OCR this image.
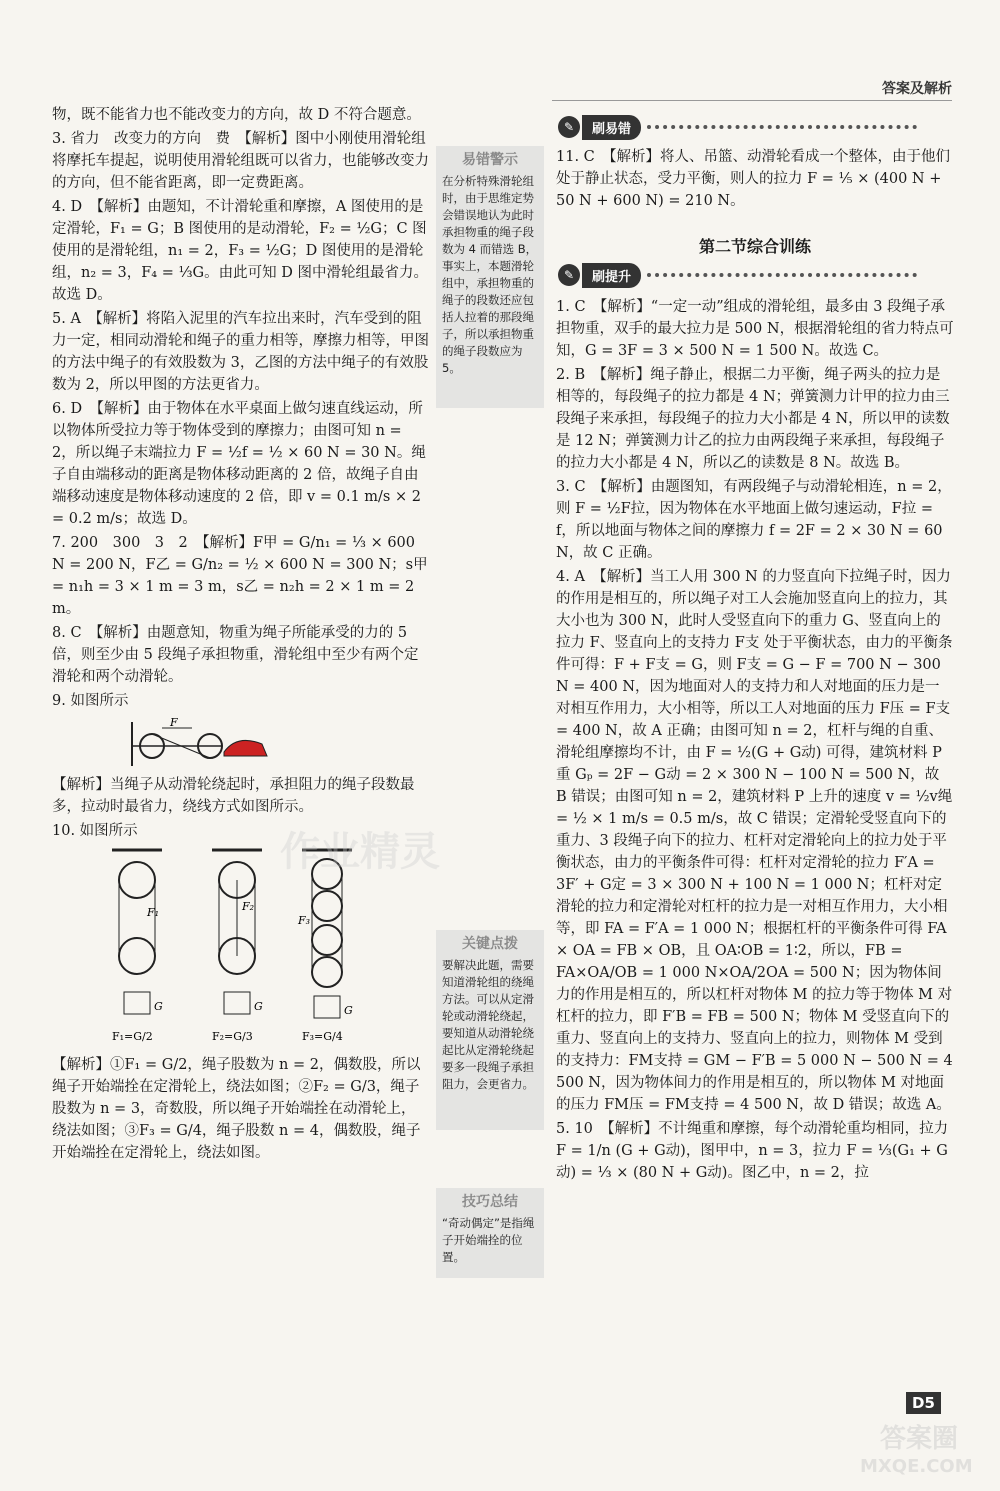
答案及解析

物，既不能省力也不能改变力的方向，故 D 不符合题意。

3. 省力　改变力的方向　费　【解析】图中小刚使用滑轮组将摩托车提起，说明使用滑轮组既可以省力，也能够改变力的方向，但不能省距离，即一定费距离。

4. D　【解析】由题知，不计滑轮重和摩擦，A 图使用的是定滑轮，F₁ = G；B 图使用的是动滑轮，F₂ = ½G；C 图使用的是滑轮组，n₁ = 2，F₃ = ½G；D 图使用的是滑轮组，n₂ = 3，F₄ = ⅓G。由此可知 D 图中滑轮组最省力。故选 D。

5. A　【解析】将陷入泥里的汽车拉出来时，汽车受到的阻力一定，相同动滑轮和绳子的重力相等，摩擦力相等，甲图的方法中绳子的有效股数为 3，乙图的方法中绳子的有效股数为 2，所以甲图的方法更省力。

6. D　【解析】由于物体在水平桌面上做匀速直线运动，所以物体所受拉力等于物体受到的摩擦力；由图可知 n = 2，所以绳子末端拉力 F = ½f = ½ × 60 N = 30 N。绳子自由端移动的距离是物体移动距离的 2 倍，故绳子自由端移动速度是物体移动速度的 2 倍，即 v = 0.1 m/s × 2 = 0.2 m/s；故选 D。

7. 200　300　3　2　【解析】F甲 = G/n₁ = ⅓ × 600 N = 200 N，F乙 = G/n₂ = ½ × 600 N = 300 N；s甲 = n₁h = 3 × 1 m = 3 m，s乙 = n₂h = 2 × 1 m = 2 m。

8. C　【解析】由题意知，物重为绳子所能承受的力的 5 倍，则至少由 5 段绳子承担物重，滑轮组中至少有两个定滑轮和两个动滑轮。

9. 如图所示

F

【解析】当绳子从动滑轮绕起时，承担阻力的绳子段数最多，拉动时最省力，绕线方式如图所示。

10. 如图所示

G
F₁
F₁=G/2
G
F₂
F₂=G/3
G
F₃
F₃=G/4

【解析】①F₁ = G/2，绳子股数为 n = 2，偶数股，所以绳子开始端拴在定滑轮上，绕法如图；②F₂ = G/3，绳子股数为 n = 3，奇数股，所以绳子开始端拴在动滑轮上，绕法如图；③F₃ = G/4，绳子股数 n = 4，偶数股，绳子开始端拴在定滑轮上，绕法如图。

易错警示
在分析特殊滑轮组时，由于思维定势会错误地认为此时承担物重的绳子段数为 4 而错选 B，事实上，本题滑轮组中，承担物重的绳子的段数还应包括人拉着的那段绳子，所以承担物重的绳子段数应为 5。
关键点拨
要解决此题，需要知道滑轮组的绕绳方法。可以从定滑轮或动滑轮绕起，要知道从动滑轮绕起比从定滑轮绕起要多一段绳子承担阻力，会更省力。
技巧总结
“奇动偶定”是指绳子开始端拴的位置。
✎	刷易错

11. C　【解析】将人、吊篮、动滑轮看成一个整体，由于他们处于静止状态，受力平衡，则人的拉力 F = ⅕ × (400 N + 50 N + 600 N) = 210 N。

第二节综合训练
✎	刷提升

1. C　【解析】“一定一动”组成的滑轮组，最多由 3 段绳子承担物重，双手的最大拉力是 500 N，根据滑轮组的省力特点可知，G = 3F = 3 × 500 N = 1 500 N。故选 C。

2. B　【解析】绳子静止，根据二力平衡，绳子两头的拉力是相等的，每段绳子的拉力都是 4 N；弹簧测力计甲的拉力由三段绳子来承担，每段绳子的拉力大小都是 4 N，所以甲的读数是 12 N；弹簧测力计乙的拉力由两段绳子来承担，每段绳子的拉力大小都是 4 N，所以乙的读数是 8 N。故选 B。

3. C　【解析】由题图知，有两段绳子与动滑轮相连，n = 2，则 F = ½F拉，因为物体在水平地面上做匀速运动，F拉 = f，所以地面与物体之间的摩擦力 f = 2F = 2 × 30 N = 60 N，故 C 正确。

4. A　【解析】当工人用 300 N 的力竖直向下拉绳子时，因力的作用是相互的，所以绳子对工人会施加竖直向上的拉力，其大小也为 300 N，此时人受竖直向下的重力 G、竖直向上的拉力 F、竖直向上的支持力 F支 处于平衡状态，由力的平衡条件可得：F + F支 = G，则 F支 = G − F = 700 N − 300 N = 400 N，因为地面对人的支持力和人对地面的压力是一对相互作用力，大小相等，所以工人对地面的压力 F压 = F支 = 400 N，故 A 正确；由图可知 n = 2，杠杆与绳的自重、滑轮组摩擦均不计，由 F = ½(G + G动) 可得，建筑材料 P 重 Gₚ = 2F − G动 = 2 × 300 N − 100 N = 500 N，故 B 错误；由图可知 n = 2，建筑材料 P 上升的速度 v = ½v绳 = ½ × 1 m/s = 0.5 m/s，故 C 错误；定滑轮受竖直向下的重力、3 段绳子向下的拉力、杠杆对定滑轮向上的拉力处于平衡状态，由力的平衡条件可得：杠杆对定滑轮的拉力 F′A = 3F′ + G定 = 3 × 300 N + 100 N = 1 000 N；杠杆对定滑轮的拉力和定滑轮对杠杆的拉力是一对相互作用力，大小相等，即 FA = F′A = 1 000 N；根据杠杆的平衡条件可得 FA × OA = FB × OB，且 OA∶OB = 1∶2，所以，FB = FA×OA/OB = 1 000 N×OA/2OA = 500 N；因为物体间力的作用是相互的，所以杠杆对物体 M 的拉力等于物体 M 对杠杆的拉力，即 F′B = FB = 500 N；物体 M 受竖直向下的重力、竖直向上的支持力、竖直向上的拉力，则物体 M 受到的支持力：FM支持 = GM − F′B = 5 000 N − 500 N = 4 500 N，因为物体间力的作用是相互的，所以物体 M 对地面的压力 FM压 = FM支持 = 4 500 N，故 D 错误；故选 A。

5. 10　【解析】不计绳重和摩擦，每个动滑轮重均相同，拉力 F = 1/n (G + G动)，图甲中，n = 3，拉力 F = ⅓(G₁ + G动) = ⅓ × (80 N + G动)。图乙中，n = 2，拉

D5
作业精灵
答案圈
MXQE.COM
